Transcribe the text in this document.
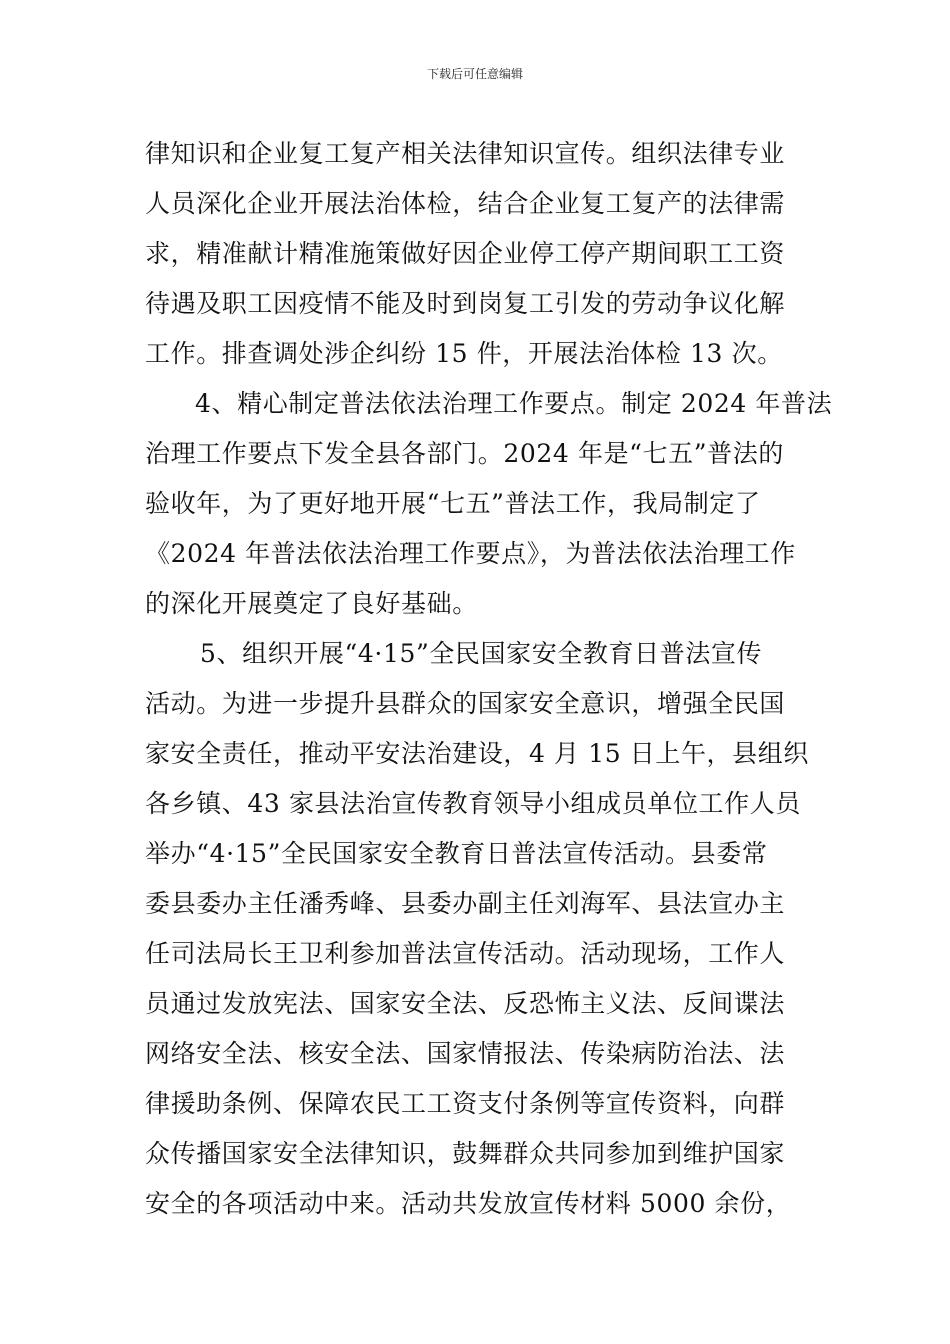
下载后可任意编辑
律知识和企业复工复产相关法律知识宣传。组织法律专业
人员深化企业开展法治体检，结合企业复工复产的法律需
求，精准献计精准施策做好因企业停工停产期间职工工资
待遇及职工因疫情不能及时到岗复工引发的劳动争议化解
工作。排查调处涉企纠纷 15 件，开展法治体检 13 次。
4、精心制定普法依法治理工作要点。制定 2024 年普法
治理工作要点下发全县各部门。2024 年是“七五”普法的
验收年，为了更好地开展“七五”普法工作，我局制定了
《2024 年普法依法治理工作要点》，为普法依法治理工作
的深化开展奠定了良好基础。
5、组织开展“4·15”全民国家安全教育日普法宣传
活动。为进一步提升县群众的国家安全意识，增强全民国
家安全责任，推动平安法治建设，4 月 15 日上午，县组织
各乡镇、43 家县法治宣传教育领导小组成员单位工作人员
举办“4·15”全民国家安全教育日普法宣传活动。县委常
委县委办主任潘秀峰、县委办副主任刘海军、县法宣办主
任司法局长王卫利参加普法宣传活动。活动现场，工作人
员通过发放宪法、国家安全法、反恐怖主义法、反间谍法
网络安全法、核安全法、国家情报法、传染病防治法、法
律援助条例、保障农民工工资支付条例等宣传资料，向群
众传播国家安全法律知识，鼓舞群众共同参加到维护国家
安全的各项活动中来。活动共发放宣传材料 5000 余份，
